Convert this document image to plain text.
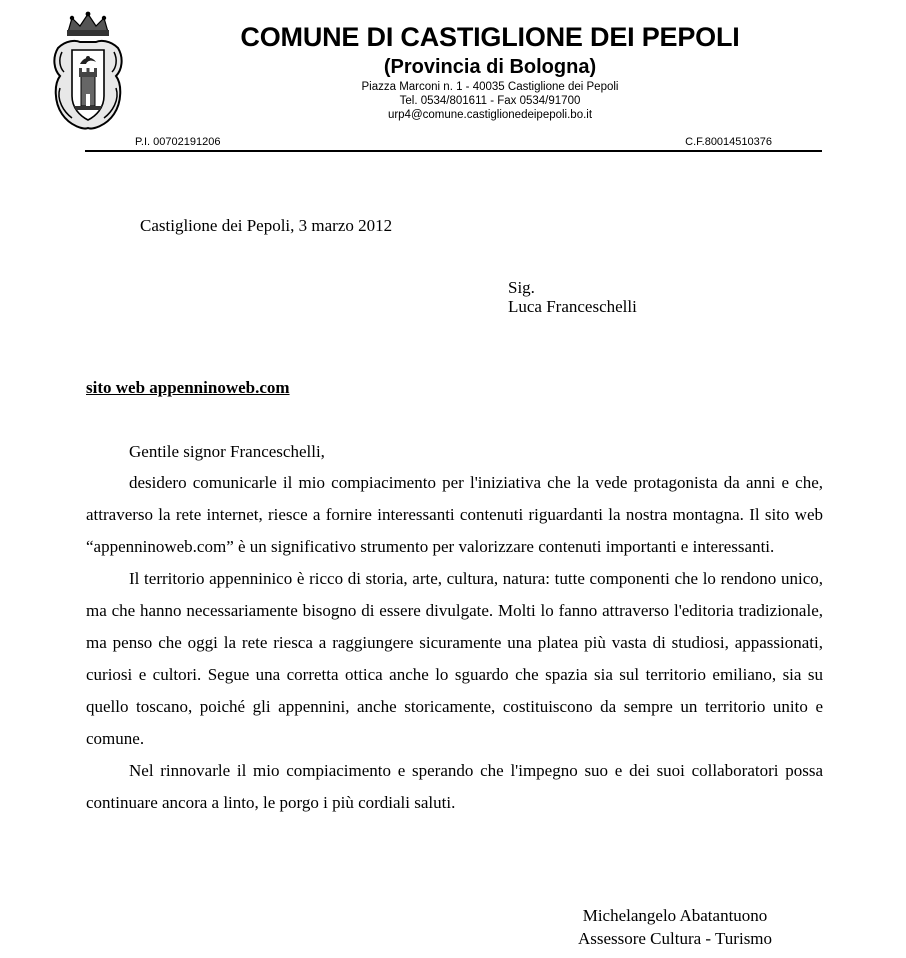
COMUNE DI CASTIGLIONE DEI PEPOLI
(Provincia di Bologna)
Piazza Marconi n. 1 - 40035 Castiglione dei Pepoli
Tel. 0534/801611 - Fax 0534/91700
urp4@comune.castiglionedeipepoli.bo.it
P.I. 00702191206	C.F.80014510376
Castiglione dei Pepoli, 3 marzo 2012
Sig.
Luca Franceschelli
sito web appenninoweb.com
Gentile signor Franceschelli,

desidero comunicarle il mio compiacimento per l'iniziativa che la vede protagonista da anni e che, attraverso la rete internet, riesce a fornire interessanti contenuti riguardanti la nostra montagna. Il sito web “appenninoweb.com” è un significativo strumento per valorizzare contenuti importanti e interessanti.

Il territorio appenninico è ricco di storia, arte, cultura, natura: tutte componenti che lo rendono unico, ma che hanno necessariamente bisogno di essere divulgate. Molti lo fanno attraverso l'editoria tradizionale, ma penso che oggi la rete riesca a raggiungere sicuramente una platea più vasta di studiosi, appassionati, curiosi e cultori. Segue una corretta ottica anche lo sguardo che spazia sia sul territorio emiliano, sia su quello toscano, poiché gli appennini, anche storicamente, costituiscono da sempre un territorio unito e comune.

Nel rinnovarle il mio compiacimento e sperando che l'impegno suo e dei suoi collaboratori possa continuare ancora a linto, le porgo i più cordiali saluti.

Michelangelo Abatantuono
Assessore Cultura - Turismo
